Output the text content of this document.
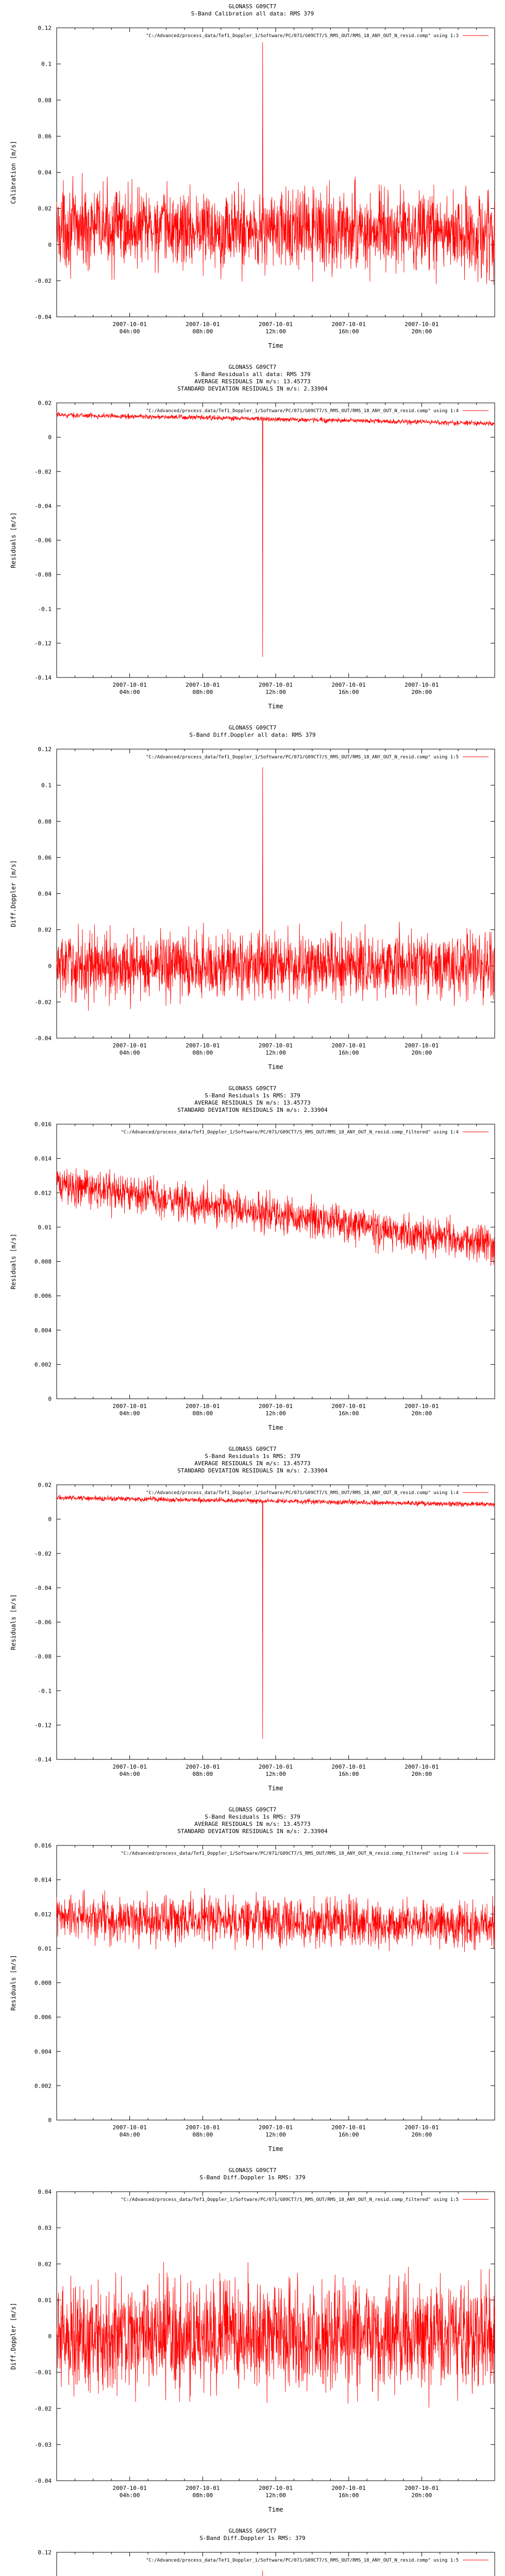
GLONASS G09CT7
S-Band Calibration all data: RMS 379
-0.04
-0.02
0
0.02
0.04
0.06
0.08
0.1
0.12
2007-10-01
04h:00
2007-10-01
08h:00
2007-10-01
12h:00
2007-10-01
16h:00
2007-10-01
20h:00
Time
Calibration [m/s]
"C:/Advanced/process_data/Tef1_Doppler_1/Software/PC/071/G09CT7/S_RMS_OUT/RMS_18_ANY_OUT_N_resid.comp" using 1:3
GLONASS G09CT7
S-Band Residuals all data: RMS 379
AVERAGE RESIDUALS IN m/s: 13.45773
STANDARD DEVIATION RESIDUALS IN m/s: 2.33904
-0.14
-0.12
-0.1
-0.08
-0.06
-0.04
-0.02
0
0.02
2007-10-01
04h:00
2007-10-01
08h:00
2007-10-01
12h:00
2007-10-01
16h:00
2007-10-01
20h:00
Time
Residuals [m/s]
"C:/Advanced/process_data/Tef1_Doppler_1/Software/PC/071/G09CT7/S_RMS_OUT/RMS_18_ANY_OUT_N_resid.comp" using 1:4
GLONASS G09CT7
S-Band Diff.Doppler all data: RMS 379
-0.04
-0.02
0
0.02
0.04
0.06
0.08
0.1
0.12
2007-10-01
04h:00
2007-10-01
08h:00
2007-10-01
12h:00
2007-10-01
16h:00
2007-10-01
20h:00
Time
Diff.Doppler [m/s]
"C:/Advanced/process_data/Tef1_Doppler_1/Software/PC/071/G09CT7/S_RMS_OUT/RMS_18_ANY_OUT_N_resid.comp" using 1:5
GLONASS G09CT7
S-Band Residuals 1s RMS: 379
AVERAGE RESIDUALS IN m/s: 13.45773
STANDARD DEVIATION RESIDUALS IN m/s: 2.33904
0
0.002
0.004
0.006
0.008
0.01
0.012
0.014
0.016
2007-10-01
04h:00
2007-10-01
08h:00
2007-10-01
12h:00
2007-10-01
16h:00
2007-10-01
20h:00
Time
Residuals [m/s]
"C:/Advanced/process_data/Tef1_Doppler_1/Software/PC/071/G09CT7/S_RMS_OUT/RMS_18_ANY_OUT_N_resid.comp_filtered" using 1:4
GLONASS G09CT7
S-Band Residuals 1s RMS: 379
AVERAGE RESIDUALS IN m/s: 13.45773
STANDARD DEVIATION RESIDUALS IN m/s: 2.33904
-0.14
-0.12
-0.1
-0.08
-0.06
-0.04
-0.02
0
0.02
2007-10-01
04h:00
2007-10-01
08h:00
2007-10-01
12h:00
2007-10-01
16h:00
2007-10-01
20h:00
Time
Residuals [m/s]
"C:/Advanced/process_data/Tef1_Doppler_1/Software/PC/071/G09CT7/S_RMS_OUT/RMS_18_ANY_OUT_N_resid.comp" using 1:4
GLONASS G09CT7
S-Band Residuals 1s RMS: 379
AVERAGE RESIDUALS IN m/s: 13.45773
STANDARD DEVIATION RESIDUALS IN m/s: 2.33904
0
0.002
0.004
0.006
0.008
0.01
0.012
0.014
0.016
2007-10-01
04h:00
2007-10-01
08h:00
2007-10-01
12h:00
2007-10-01
16h:00
2007-10-01
20h:00
Time
Residuals [m/s]
"C:/Advanced/process_data/Tef1_Doppler_1/Software/PC/071/G09CT7/S_RMS_OUT/RMS_18_ANY_OUT_N_resid.comp_filtered" using 1:4
GLONASS G09CT7
S-Band Diff.Doppler 1s RMS: 379
-0.04
-0.03
-0.02
-0.01
0
0.01
0.02
0.03
0.04
2007-10-01
04h:00
2007-10-01
08h:00
2007-10-01
12h:00
2007-10-01
16h:00
2007-10-01
20h:00
Time
Diff.Doppler [m/s]
"C:/Advanced/process_data/Tef1_Doppler_1/Software/PC/071/G09CT7/S_RMS_OUT/RMS_18_ANY_OUT_N_resid.comp_filtered" using 1:5
GLONASS G09CT7
S-Band Diff.Doppler 1s RMS: 379
0.12
"C:/Advanced/process_data/Tef1_Doppler_1/Software/PC/071/G09CT7/S_RMS_OUT/RMS_18_ANY_OUT_N_resid.comp" using 1:5
